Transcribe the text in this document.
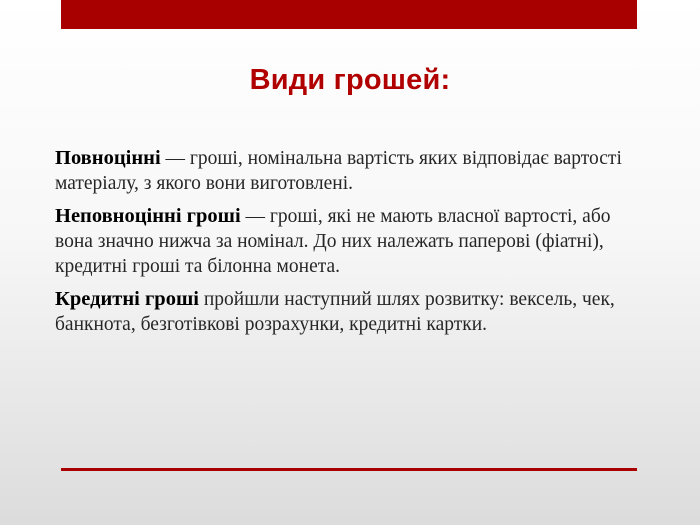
Види грошей:

Повноцінні — гроші, номінальна вартість яких відповідає вартості матеріалу, з якого вони виготовлені.

Неповноцінні гроші — гроші, які не мають власної вартості, або вона значно нижча за номінал. До них належать паперові (фіатні), кредитні гроші та білонна монета.

Кредитні гроші пройшли наступний шлях розвитку: вексель, чек, банкнота, безготівкові розрахунки, кредитні картки.
